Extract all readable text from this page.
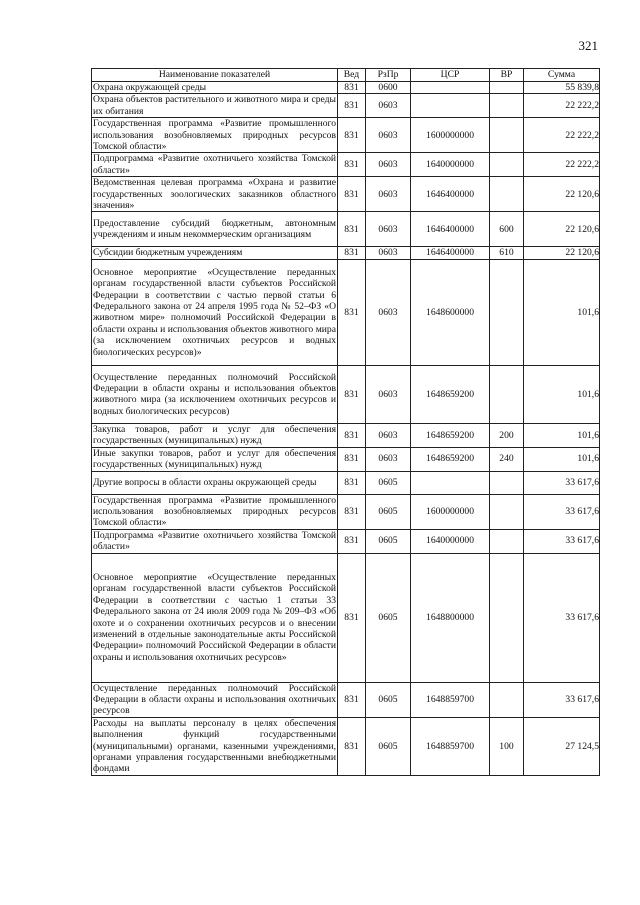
321
Наименование показателей	Вед	РзПр	ЦСР	ВР	Сумма
Охрана окружающей среды	831	0600			55 839,8
Охрана объектов растительного и животного мира и среды их обитания	831	0603			22 222,2
Государственная программа «Развитие промышленного использования возобновляемых природных ресурсов Томской области»	831	0603	1600000000		22 222,2
Подпрограмма «Развитие охотничьего хозяйства Томской области»	831	0603	1640000000		22 222,2
Ведомственная целевая программа «Охрана и развитие государственных зоологических заказников областного значения»	831	0603	1646400000		22 120,6
Предоставление субсидий бюджетным, автономным учреждениям и иным некоммерческим организациям	831	0603	1646400000	600	22 120,6
Субсидии бюджетным учреждениям	831	0603	1646400000	610	22 120,6
Основное мероприятие «Осуществление переданных органам государственной власти субъектов Российской Федерации в соответствии с частью первой статьи 6 Федерального закона от 24 апреля 1995 года № 52–ФЗ «О животном мире» полномочий Российской Федерации в области охраны и использования объектов животного мира (за исключением охотничьих ресурсов и водных биологических ресурсов)»	831	0603	1648600000		101,6
Осуществление переданных полномочий Российской Федерации в области охраны и использования объектов животного мира (за исключением охотничьих ресурсов и водных биологических ресурсов)	831	0603	1648659200		101,6
Закупка товаров, работ и услуг для обеспечения государственных (муниципальных) нужд	831	0603	1648659200	200	101,6
Иные закупки товаров, работ и услуг для обеспечения государственных (муниципальных) нужд	831	0603	1648659200	240	101,6
Другие вопросы в области охраны окружающей среды	831	0605			33 617,6
Государственная программа «Развитие промышленного использования возобновляемых природных ресурсов Томской области»	831	0605	1600000000		33 617,6
Подпрограмма «Развитие охотничьего хозяйства Томской области»	831	0605	1640000000		33 617,6
Основное мероприятие «Осуществление переданных органам государственной власти субъектов Российской Федерации в соответствии с частью 1 статьи 33 Федерального закона от 24 июля 2009 года № 209–ФЗ «Об охоте и о сохранении охотничьих ресурсов и о внесении изменений в отдельные законодательные акты Российской Федерации» полномочий Российской Федерации в области охраны и использования охотничьих ресурсов»	831	0605	1648800000		33 617,6
Осуществление переданных полномочий Российской Федерации в области охраны и использования охотничьих ресурсов	831	0605	1648859700		33 617,6
Расходы на выплаты персоналу в целях обеспечения выполнения функций государственными (муниципальными) органами, казенными учреждениями, органами управления государственными внебюджетными фондами	831	0605	1648859700	100	27 124,5
